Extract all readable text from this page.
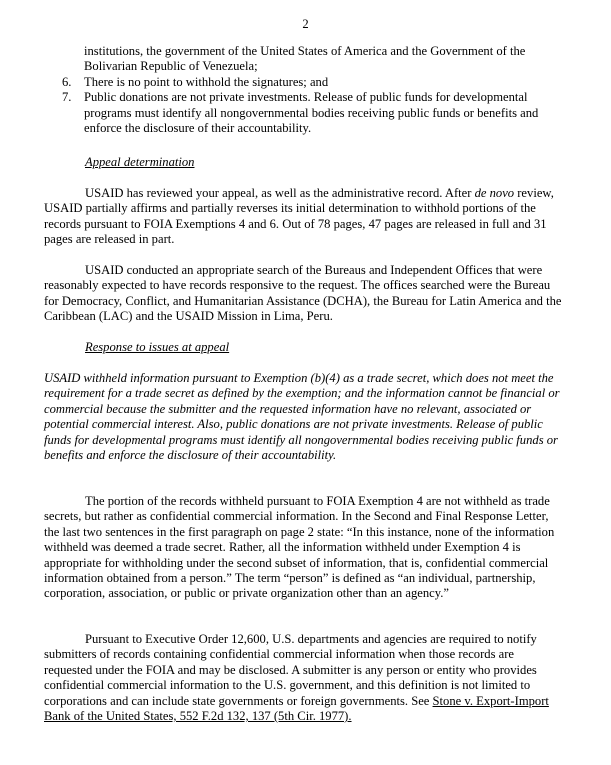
2

institutions, the government of the United States of America and the Government of the Bolivarian Republic of Venezuela;
6. There is no point to withhold the signatures; and
7. Public donations are not private investments. Release of public funds for developmental programs must identify all nongovernmental bodies receiving public funds or benefits and enforce the disclosure of their accountability.

Appeal determination

USAID has reviewed your appeal, as well as the administrative record. After de novo review, USAID partially affirms and partially reverses its initial determination to withhold portions of the records pursuant to FOIA Exemptions 4 and 6. Out of 78 pages, 47 pages are released in full and 31 pages are released in part.

USAID conducted an appropriate search of the Bureaus and Independent Offices that were reasonably expected to have records responsive to the request. The offices searched were the Bureau for Democracy, Conflict, and Humanitarian Assistance (DCHA), the Bureau for Latin America and the Caribbean (LAC) and the USAID Mission in Lima, Peru.

Response to issues at appeal

USAID withheld information pursuant to Exemption (b)(4) as a trade secret, which does not meet the requirement for a trade secret as defined by the exemption; and the information cannot be financial or commercial because the submitter and the requested information have no relevant, associated or potential commercial interest. Also, public donations are not private investments. Release of public funds for developmental programs must identify all nongovernmental bodies receiving public funds or benefits and enforce the disclosure of their accountability.

The portion of the records withheld pursuant to FOIA Exemption 4 are not withheld as trade secrets, but rather as confidential commercial information. In the Second and Final Response Letter, the last two sentences in the first paragraph on page 2 state: “In this instance, none of the information withheld was deemed a trade secret. Rather, all the information withheld under Exemption 4 is appropriate for withholding under the second subset of information, that is, confidential commercial information obtained from a person.” The term “person” is defined as “an individual, partnership, corporation, association, or public or private organization other than an agency.”

Pursuant to Executive Order 12,600, U.S. departments and agencies are required to notify submitters of records containing confidential commercial information when those records are requested under the FOIA and may be disclosed. A submitter is any person or entity who provides confidential commercial information to the U.S. government, and this definition is not limited to corporations and can include state governments or foreign governments. See Stone v. Export-Import Bank of the United States, 552 F.2d 132, 137 (5th Cir. 1977).
